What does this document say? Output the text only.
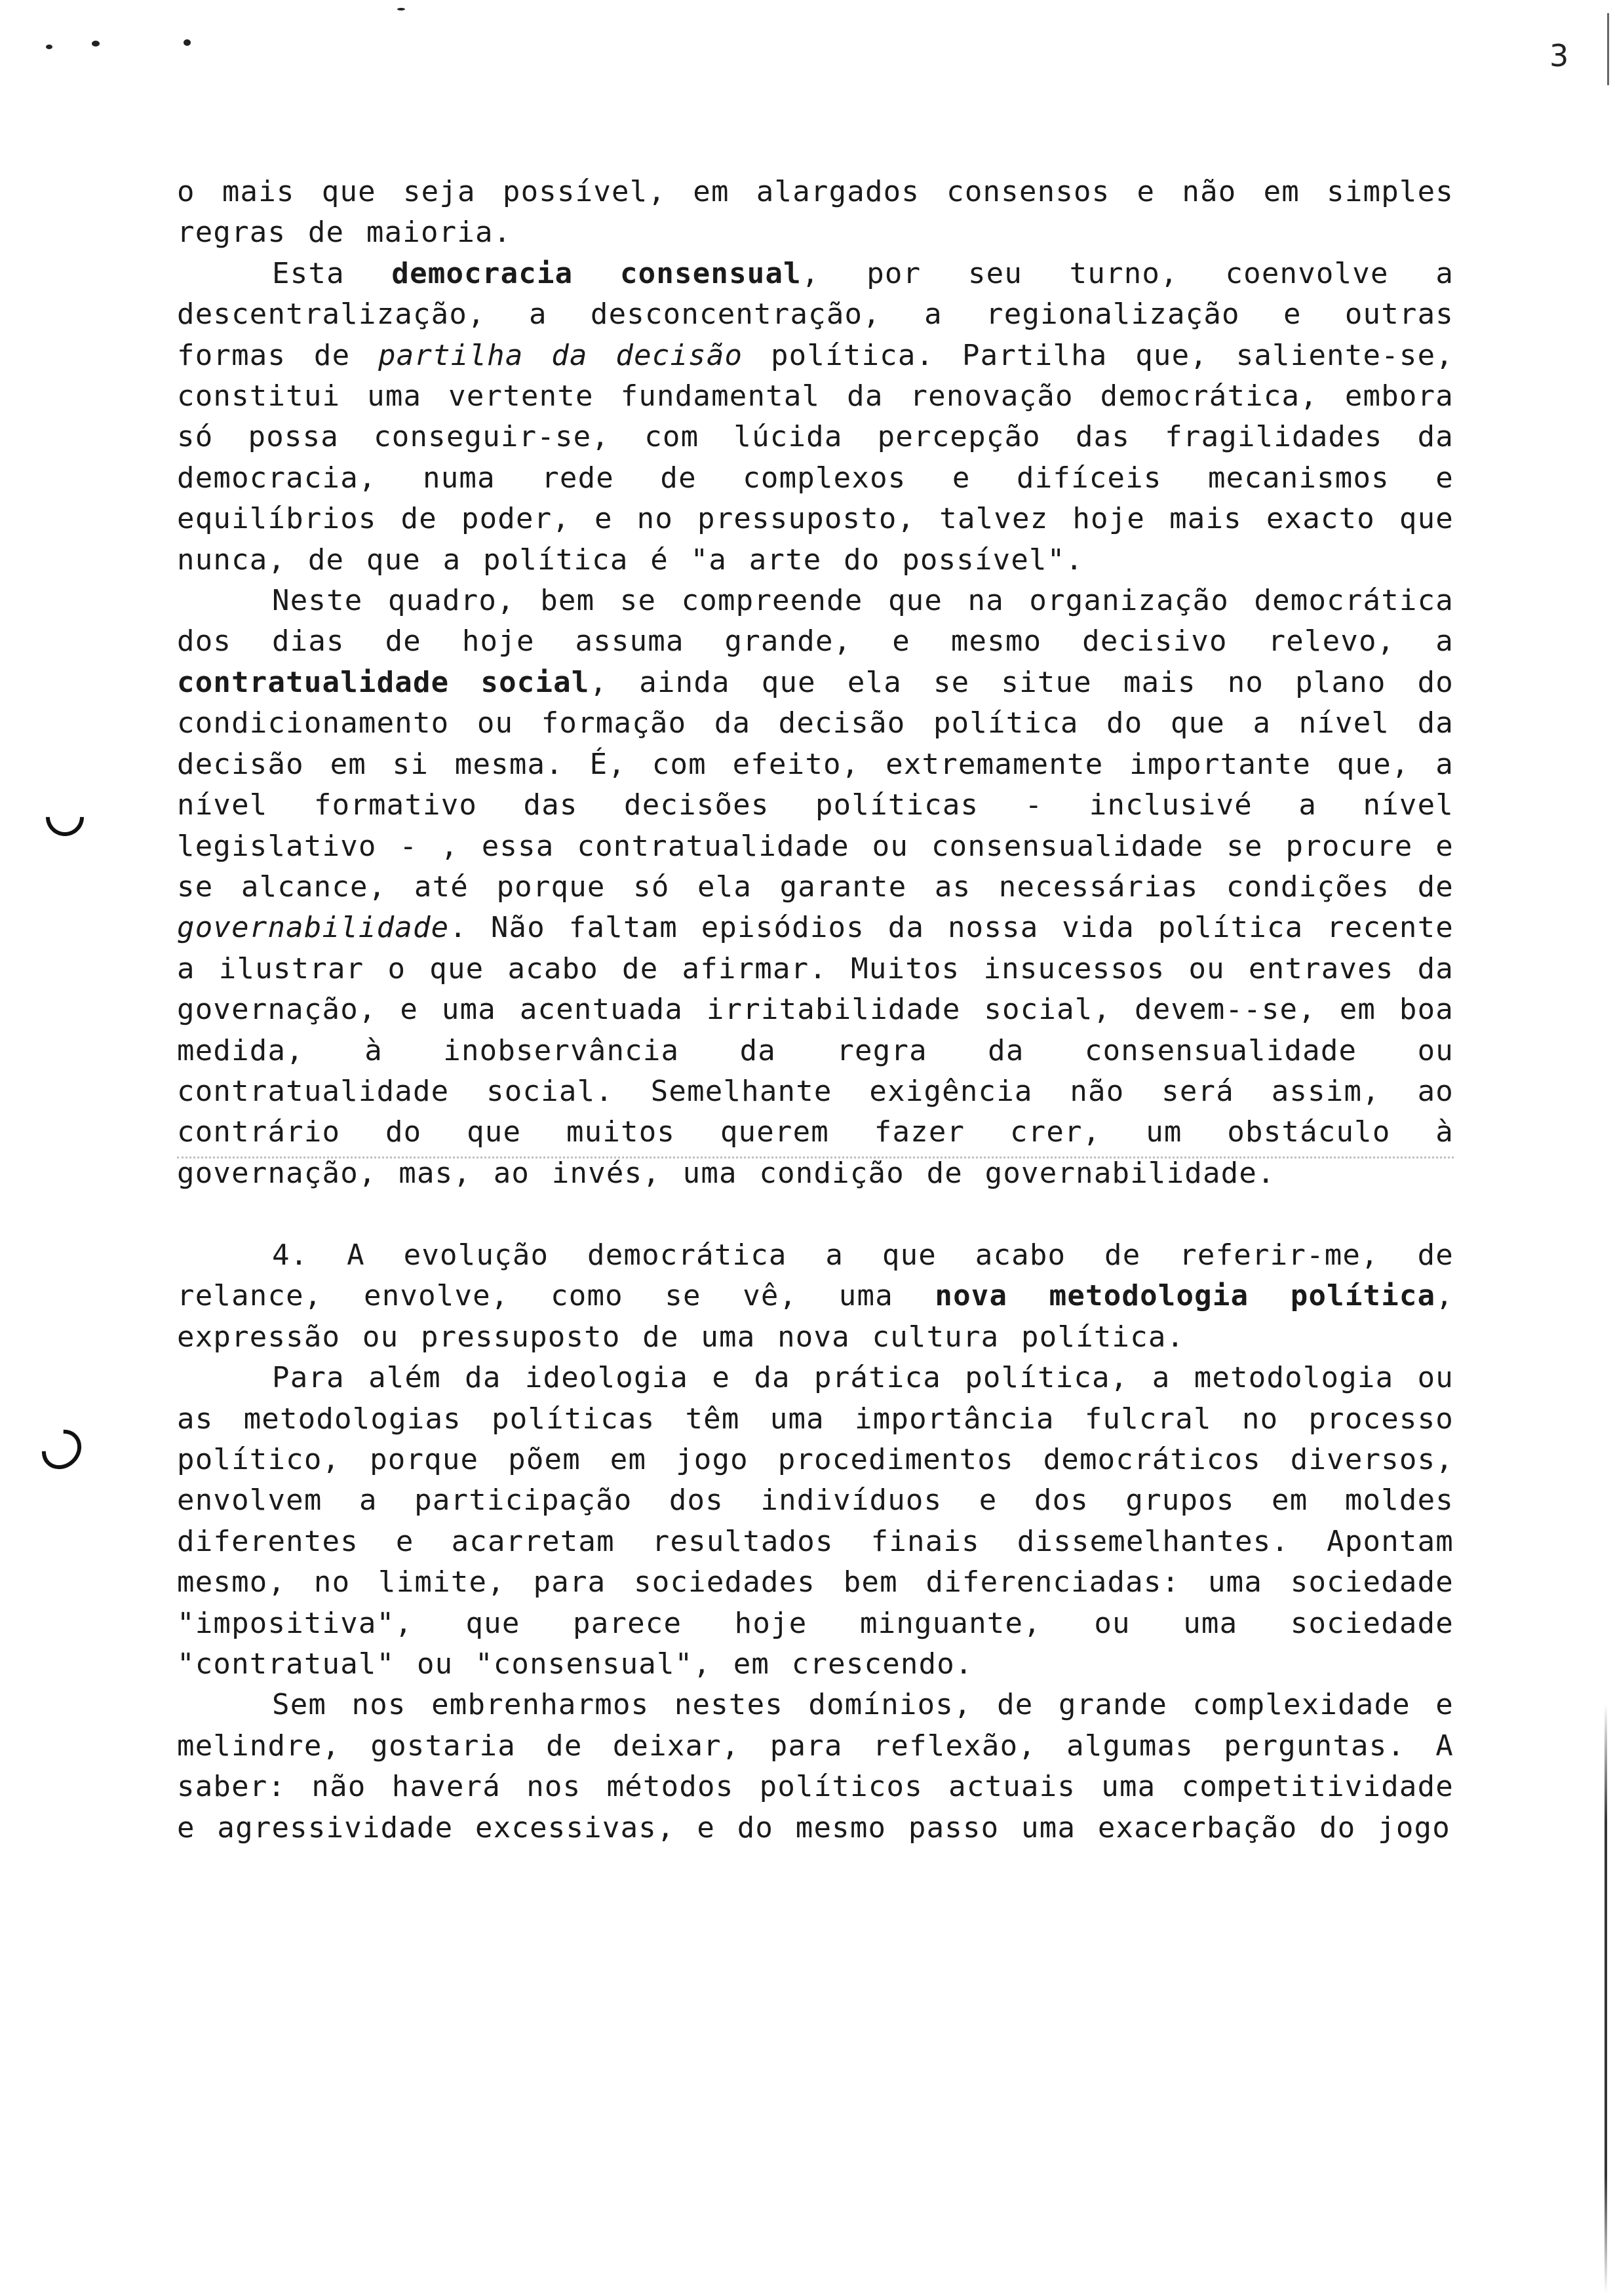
3

o mais que seja possível, em alargados consensos e não em simples regras de maioria.

Esta democracia consensual, por seu turno, coenvolve a descentralização, a desconcentração, a regionalização e outras formas de partilha da decisão política. Partilha que, saliente-se, constitui uma vertente fundamental da renovação democrática, embora só possa conseguir-se, com lúcida percepção das fragilidades da democracia, numa rede de complexos e difíceis mecanismos e equilíbrios de poder, e no pressuposto, talvez hoje mais exacto que nunca, de que a política é "a arte do possível".

Neste quadro, bem se compreende que na organização democrática dos dias de hoje assuma grande, e mesmo decisivo relevo, a contratualidade social, ainda que ela se situe mais no plano do condicionamento ou formação da decisão política do que a nível da decisão em si mesma. É, com efeito, extremamente importante que, a nível formativo das decisões políticas - inclusivé a nível legislativo - , essa contratualidade ou consensualidade se procure e se alcance, até porque só ela garante as necessárias condições de governabilidade. Não faltam episódios da nossa vida política recente a ilustrar o que acabo de afirmar. Muitos insucessos ou entraves da governação, e uma acentuada irritabilidade social, devem--se, em boa medida, à inobservância da regra da consensualidade ou contratualidade social. Semelhante exigência não será assim, ao contrário do que muitos querem fazer crer, um obstáculo à governação, mas, ao invés, uma condição de governabilidade.

4. A evolução democrática a que acabo de referir-me, de relance, envolve, como se vê, uma nova metodologia política, expressão ou pressuposto de uma nova cultura política.

Para além da ideologia e da prática política, a metodologia ou as metodologias políticas têm uma importância fulcral no processo político, porque põem em jogo procedimentos democráticos diversos, envolvem a participação dos indivíduos e dos grupos em moldes diferentes e acarretam resultados finais dissemelhantes. Apontam mesmo, no limite, para sociedades bem diferenciadas: uma sociedade "impositiva", que parece hoje minguante, ou uma sociedade "contratual" ou "consensual", em crescendo.

Sem nos embrenharmos nestes domínios, de grande complexidade e melindre, gostaria de deixar, para reflexão, algumas perguntas. A saber: não haverá nos métodos políticos actuais uma competitividade e agressividade excessivas, e do mesmo passo uma exacerbação do jogo
